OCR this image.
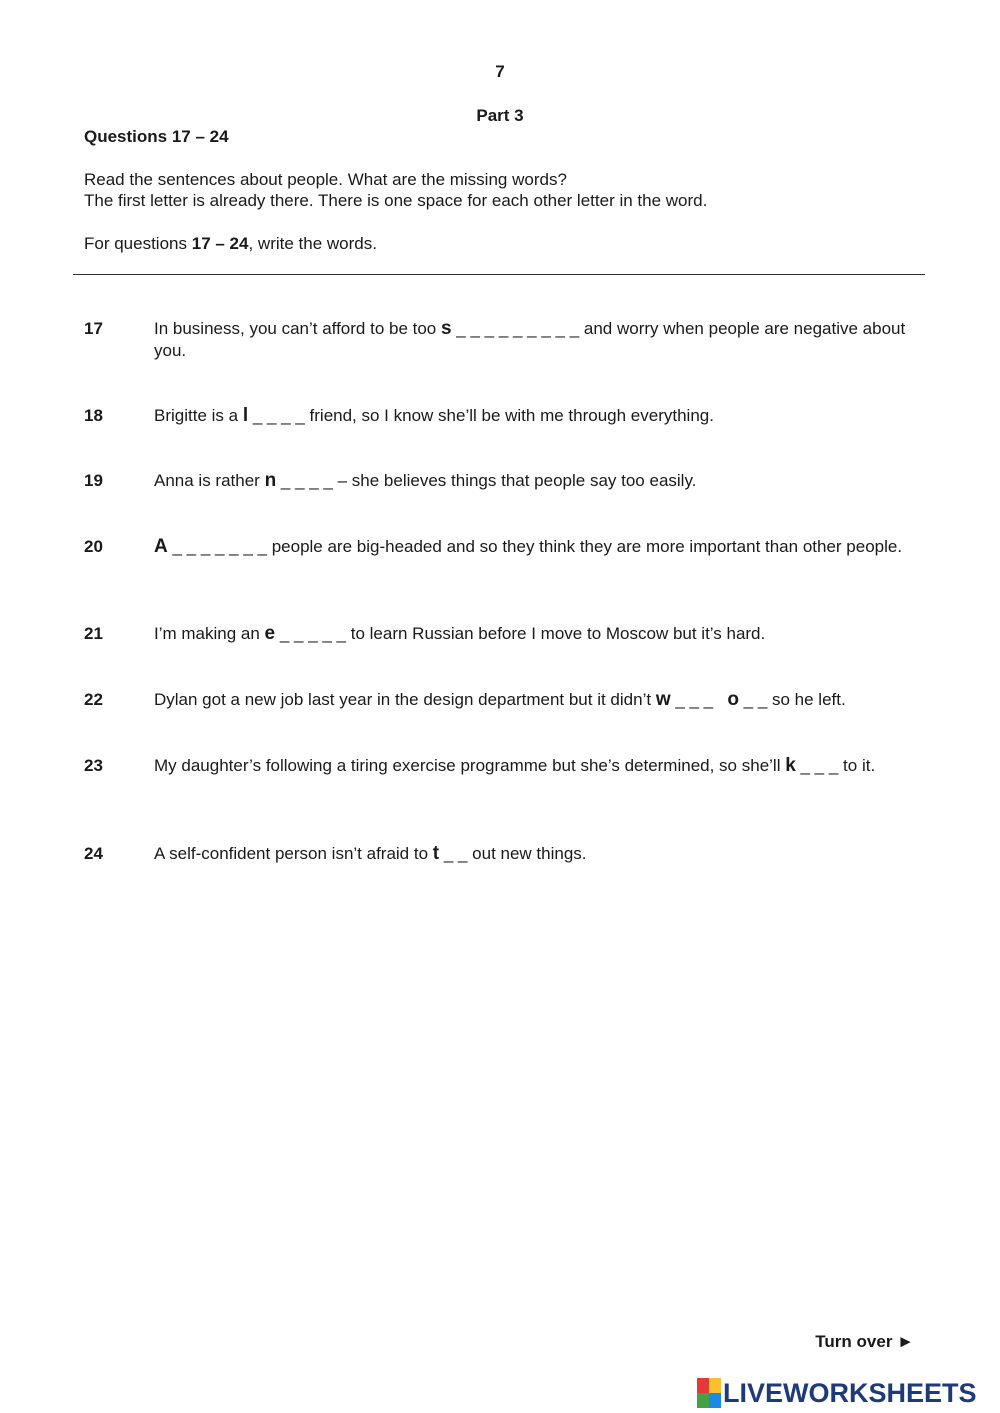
7
Part 3
Questions 17 – 24

Read the sentences about people. What are the missing words?

The first letter is already there. There is one space for each other letter in the word.

For questions 17 – 24, write the words.

17	In business, you can’t afford to be too s _ _ _ _ _ _ _ _ _ and worry when people are negative about you.
18	Brigitte is a l _ _ _ _ friend, so I know she’ll be with me through everything.
19	Anna is rather n _ _ _ _ – she believes things that people say too easily.
20	A _ _ _ _ _ _ _ people are big-headed and so they think they are more important than other people.
21	I’m making an e _ _ _ _ _ to learn Russian before I move to Moscow but it’s hard.
22	Dylan got a new job last year in the design department but it didn’t w _ _ _ o _ _ so he left.
23	My daughter’s following a tiring exercise programme but she’s determined, so she’ll k _ _ _ to it.
24	A self-confident person isn’t afraid to t _ _ out new things.
Turn over ►
LIVEWORKSHEETS
